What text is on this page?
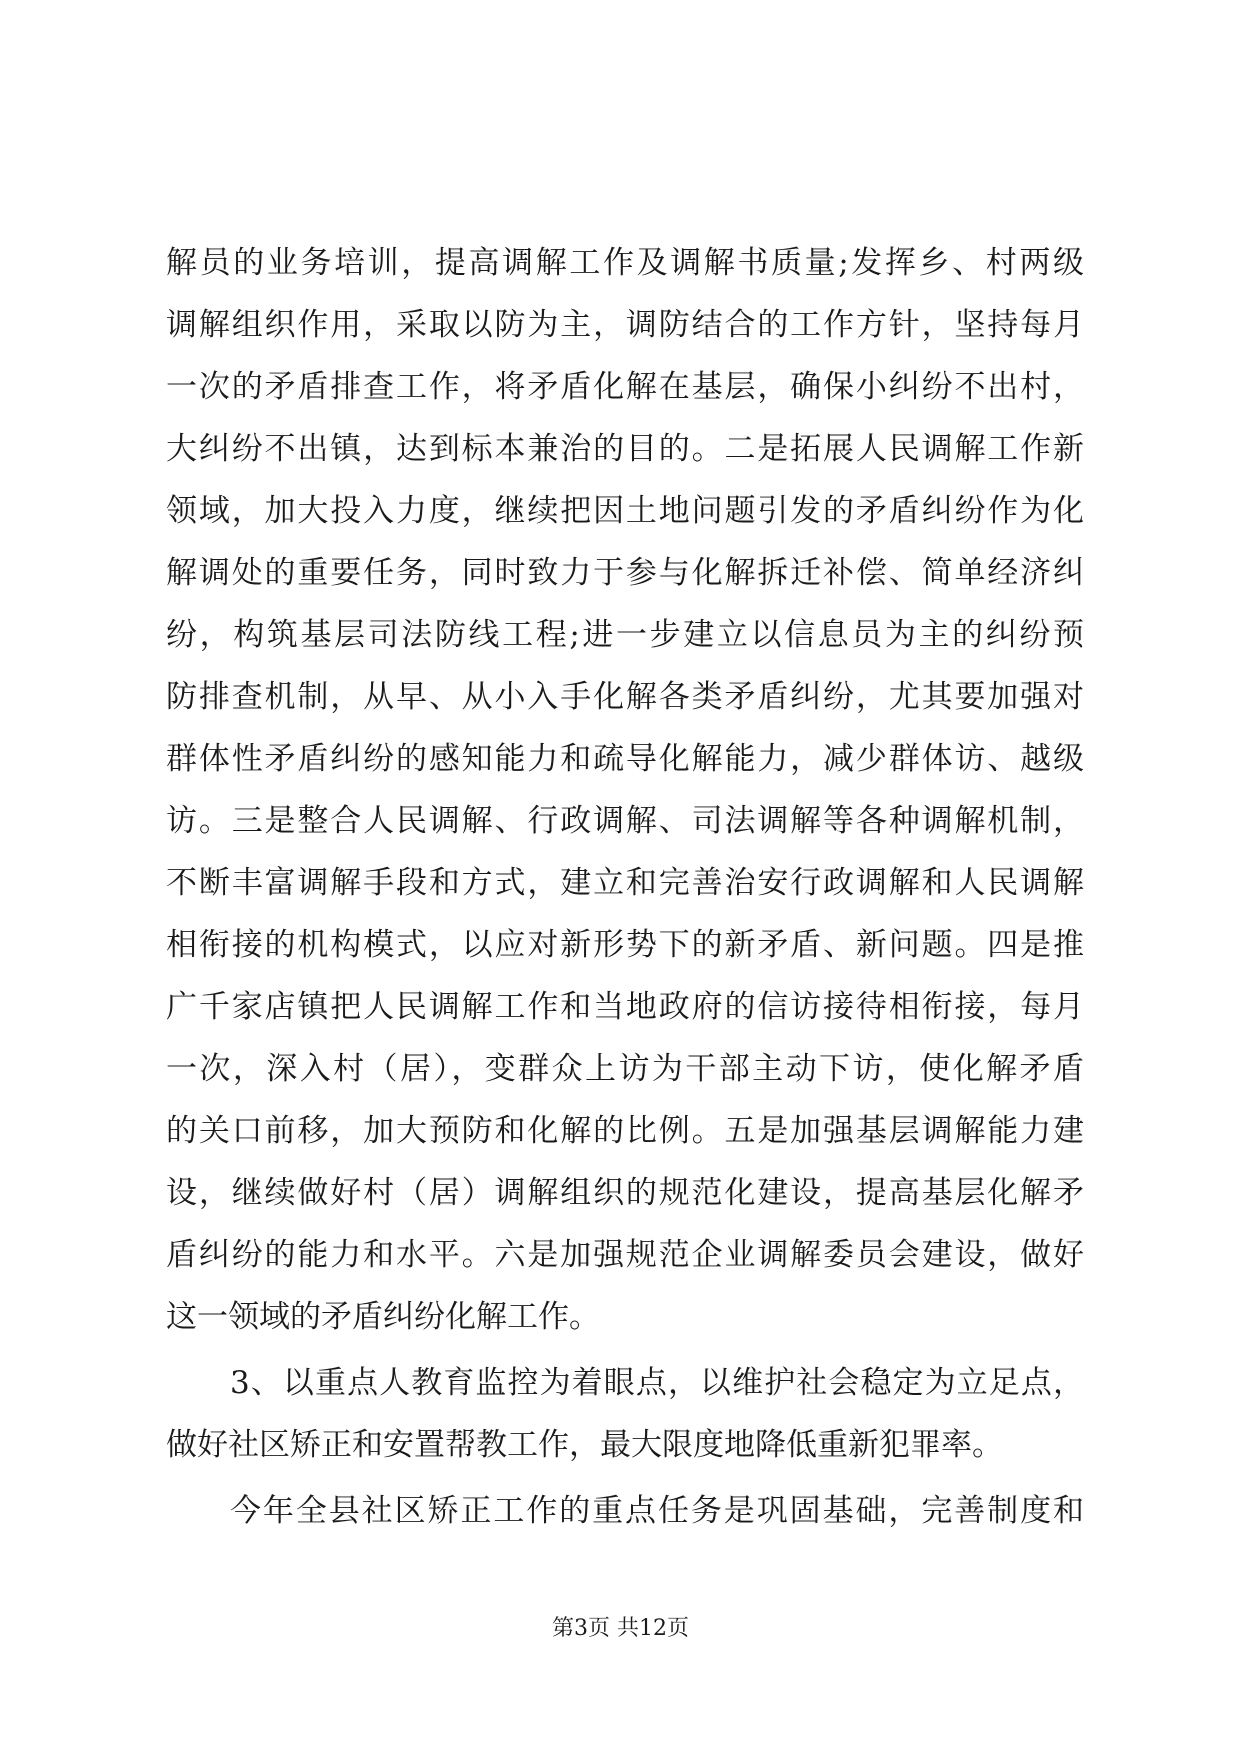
解员的业务培训，提高调解工作及调解书质量;发挥乡、村两级
调解组织作用，采取以防为主，调防结合的工作方针，坚持每月
一次的矛盾排查工作，将矛盾化解在基层，确保小纠纷不出村，
大纠纷不出镇，达到标本兼治的目的。二是拓展人民调解工作新
领域，加大投入力度，继续把因土地问题引发的矛盾纠纷作为化
解调处的重要任务，同时致力于参与化解拆迁补偿、简单经济纠
纷，构筑基层司法防线工程;进一步建立以信息员为主的纠纷预
防排查机制，从早、从小入手化解各类矛盾纠纷，尤其要加强对
群体性矛盾纠纷的感知能力和疏导化解能力，减少群体访、越级
访。三是整合人民调解、行政调解、司法调解等各种调解机制，
不断丰富调解手段和方式，建立和完善治安行政调解和人民调解
相衔接的机构模式，以应对新形势下的新矛盾、新问题。四是推
广千家店镇把人民调解工作和当地政府的信访接待相衔接，每月
一次，深入村（居），变群众上访为干部主动下访，使化解矛盾
的关口前移，加大预防和化解的比例。五是加强基层调解能力建
设，继续做好村（居）调解组织的规范化建设，提高基层化解矛
盾纠纷的能力和水平。六是加强规范企业调解委员会建设，做好
这一领域的矛盾纠纷化解工作。

3、以重点人教育监控为着眼点，以维护社会稳定为立足点，
做好社区矫正和安置帮教工作，最大限度地降低重新犯罪率。

今年全县社区矫正工作的重点任务是巩固基础，完善制度和

第3页 共12页
